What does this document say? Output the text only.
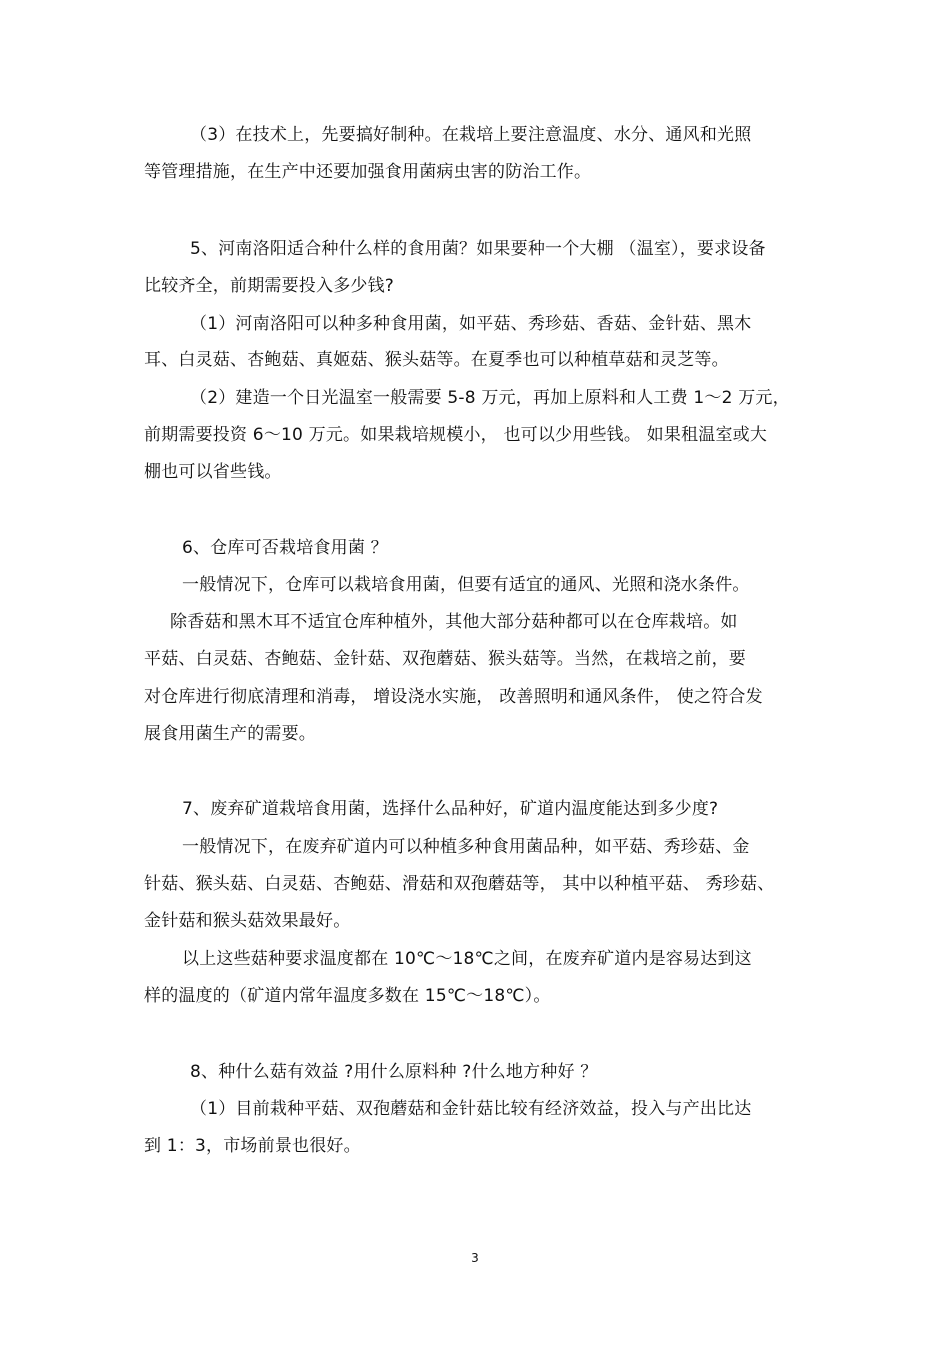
（3）在技术上，先要搞好制种。在栽培上要注意温度、水分、通风和光照
等管理措施，在生产中还要加强食用菌病虫害的防治工作。
5、河南洛阳适合种什么样的食用菌？如果要种一个大棚 （温室），要求设备
比较齐全，前期需要投入多少钱?
（1）河南洛阳可以种多种食用菌，如平菇、秀珍菇、香菇、金针菇、黑木
耳、白灵菇、杏鲍菇、真姬菇、猴头菇等。在夏季也可以种植草菇和灵芝等。
（2）建造一个日光温室一般需要 5-8 万元，再加上原料和人工费 1～2 万元，
前期需要投资 6～10 万元。如果栽培规模小， 也可以少用些钱。 如果租温室或大
棚也可以省些钱。
6、仓库可否栽培食用菌 ？
一般情况下，仓库可以栽培食用菌，但要有适宜的通风、光照和浇水条件。
除香菇和黑木耳不适宜仓库种植外，其他大部分菇种都可以在仓库栽培。如
平菇、白灵菇、杏鲍菇、金针菇、双孢蘑菇、猴头菇等。当然，在栽培之前，要
对仓库进行彻底清理和消毒， 增设浇水实施， 改善照明和通风条件， 使之符合发
展食用菌生产的需要。
7、废弃矿道栽培食用菌，选择什么品种好，矿道内温度能达到多少度?
一般情况下，在废弃矿道内可以种植多种食用菌品种，如平菇、秀珍菇、金
针菇、猴头菇、白灵菇、杏鲍菇、滑菇和双孢蘑菇等， 其中以种植平菇、 秀珍菇、
金针菇和猴头菇效果最好。
以上这些菇种要求温度都在 10℃～18℃之间，在废弃矿道内是容易达到这
样的温度的（矿道内常年温度多数在 15℃～18℃）。
8、种什么菇有效益 ?用什么原料种 ?什么地方种好 ？
（1）目前栽种平菇、双孢蘑菇和金针菇比较有经济效益，投入与产出比达
到 1：3，市场前景也很好。
3
